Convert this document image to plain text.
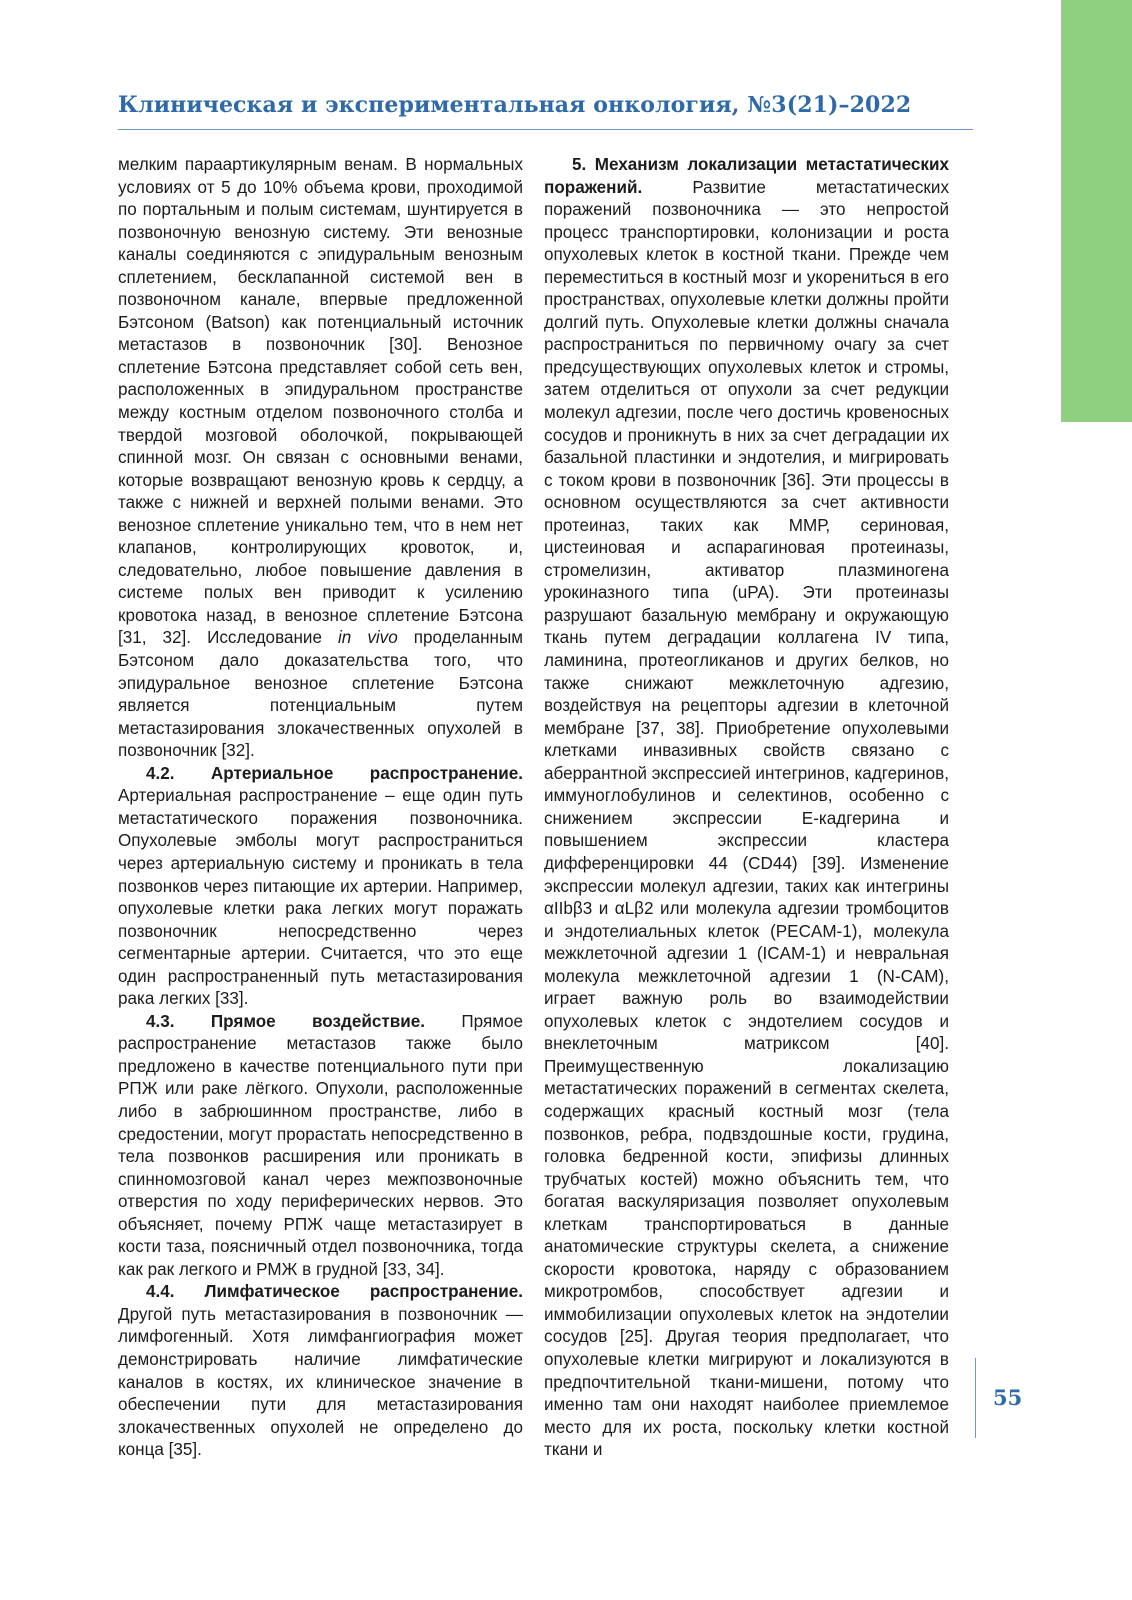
Обзорные статьи
Клиническая и экспериментальная онкология, №3(21)–2022

мелким параартикулярным венам. В нормальных условиях от 5 до 10% объема крови, проходимой по портальным и полым системам, шунтируется в позвоночную венозную систему. Эти венозные каналы соединяются с эпидуральным венозным сплетением, бесклапанной системой вен в позвоночном канале, впервые предложенной Бэтсоном (Batson) как потенциальный источник метастазов в позвоночник [30]. Венозное сплетение Бэтсона представляет собой сеть вен, расположенных в эпидуральном пространстве между костным отделом позвоночного столба и твердой мозговой оболочкой, покрывающей спинной мозг. Он связан с основными венами, которые возвращают венозную кровь к сердцу, а также с нижней и верхней полыми венами. Это венозное сплетение уникально тем, что в нем нет клапанов, контролирующих кровоток, и, следовательно, любое повышение давления в системе полых вен приводит к усилению кровотока назад, в венозное сплетение Бэтсона [31, 32]. Исследование in vivo проделанным Бэтсоном дало доказательства того, что эпидуральное венозное сплетение Бэтсона является потенциальным путем метастазирования злокачественных опухолей в позвоночник [32].

4.2. Артериальное распространение. Артериальная распространение – еще один путь метастатического поражения позвоночника. Опухолевые эмболы могут распространиться через артериальную систему и проникать в тела позвонков через питающие их артерии. Например, опухолевые клетки рака легких могут поражать позвоночник непосредственно через сегментарные артерии. Считается, что это еще один распространенный путь метастазирования рака легких [33].

4.3. Прямое воздействие. Прямое распространение метастазов также было предложено в качестве потенциального пути при РПЖ или раке лёгкого. Опухоли, расположенные либо в забрюшинном пространстве, либо в средостении, могут прорастать непосредственно в тела позвонков расширения или проникать в спинномозговой канал через межпозвоночные отверстия по ходу периферических нервов. Это объясняет, почему РПЖ чаще метастазирует в кости таза, поясничный отдел позвоночника, тогда как рак легкого и РМЖ в грудной [33, 34].

4.4. Лимфатическое распространение. Другой путь метастазирования в позвоночник — лимфогенный. Хотя лимфангиография может демонстрировать наличие лимфатические каналов в костях, их клиническое значение в обеспечении пути для метастазирования злокачественных опухолей не определено до конца [35].

5. Механизм локализации метастатических поражений. Развитие метастатических поражений позвоночника — это непростой процесс транспортировки, колонизации и роста опухолевых клеток в костной ткани. Прежде чем переместиться в костный мозг и укорениться в его пространствах, опухолевые клетки должны пройти долгий путь. Опухолевые клетки должны сначала распространиться по первичному очагу за счет предсуществующих опухолевых клеток и стромы, затем отделиться от опухоли за счет редукции молекул адгезии, после чего достичь кровеносных сосудов и проникнуть в них за счет деградации их базальной пластинки и эндотелия, и мигрировать с током крови в позвоночник [36]. Эти процессы в основном осуществляются за счет активности протеиназ, таких как ММР, сериновая, цистеиновая и аспарагиновая протеиназы, стромелизин, активатор плазминогена урокиназного типа (uPA). Эти протеиназы разрушают базальную мембрану и окружающую ткань путем деградации коллагена IV типа, ламинина, протеогликанов и других белков, но также снижают межклеточную адгезию, воздействуя на рецепторы адгезии в клеточной мембране [37, 38]. Приобретение опухолевыми клетками инвазивных свойств связано с аберрантной экспрессией интегринов, кадгеринов, иммуноглобулинов и селектинов, особенно с снижением экспрессии E-кадгерина и повышением экспрессии кластера дифференцировки 44 (CD44) [39]. Изменение экспрессии молекул адгезии, таких как интегрины αIIbβ3 и αLβ2 или молекула адгезии тромбоцитов и эндотелиальных клеток (PECAM-1), молекула межклеточной адгезии 1 (ICAM-1) и невральная молекула межклеточной адгезии 1 (N-CAM), играет важную роль во взаимодействии опухолевых клеток с эндотелием сосудов и внеклеточным матриксом [40]. Преимущественную локализацию метастатических поражений в сегментах скелета, содержащих красный костный мозг (тела позвонков, ребра, подвздошные кости, грудина, головка бедренной кости, эпифизы длинных трубчатых костей) можно объяснить тем, что богатая васкуляризация позволяет опухолевым клеткам транспортироваться в данные анатомические структуры скелета, а снижение скорости кровотока, наряду с образованием микротромбов, способствует адгезии и иммобилизации опухолевых клеток на эндотелии сосудов [25]. Другая теория предполагает, что опухолевые клетки мигрируют и локализуются в предпочтительной ткани-мишени, потому что именно там они находят наиболее приемлемое место для их роста, поскольку клетки костной ткани и

55
